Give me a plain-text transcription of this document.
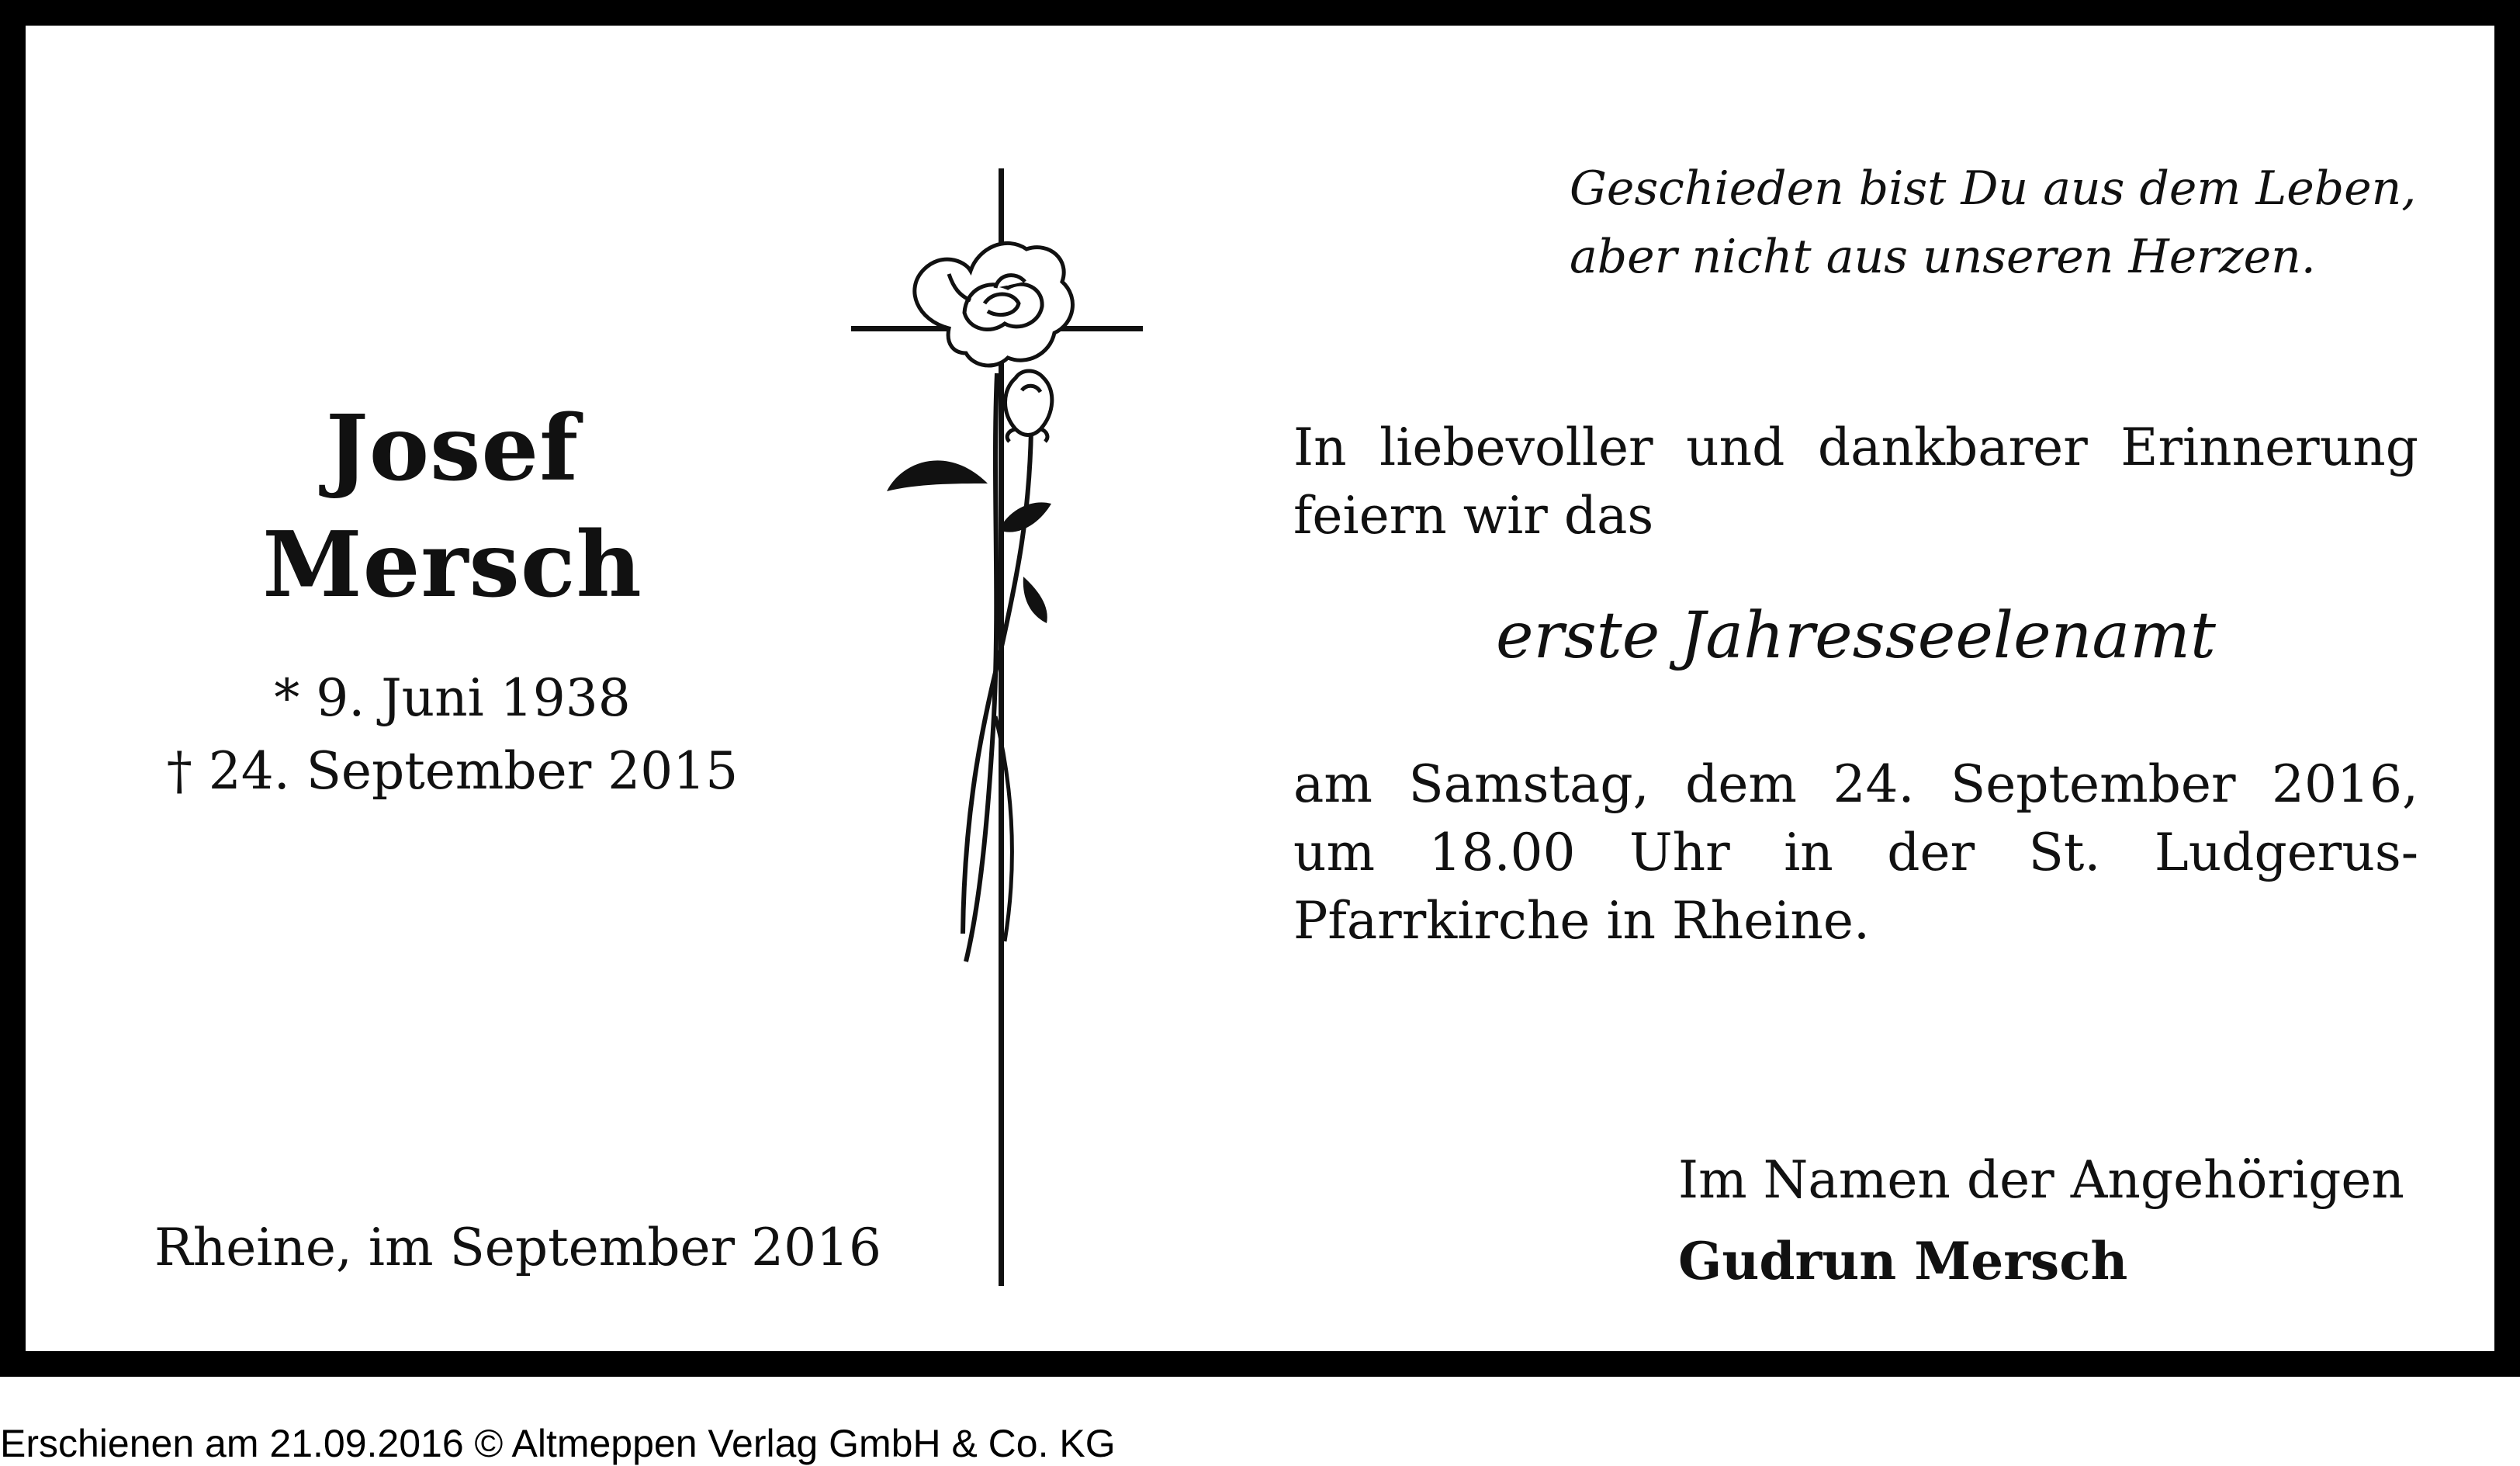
Geschieden bist Du aus dem Leben,
aber nicht aus unseren Herzen.
Josef
Mersch
* 9. Juni 1938
† 24. September 2015
Rheine, im September 2016
In liebevoller und dankbarer Erinnerung
feiern wir das
erste Jahresseelenamt
am Samstag, dem 24. September 2016,
um 18.00 Uhr in der St. Ludgerus-
Pfarrkirche in Rheine.
Im Namen der Angehörigen
Gudrun Mersch
Erschienen am 21.09.2016 © Altmeppen Verlag GmbH & Co. KG
